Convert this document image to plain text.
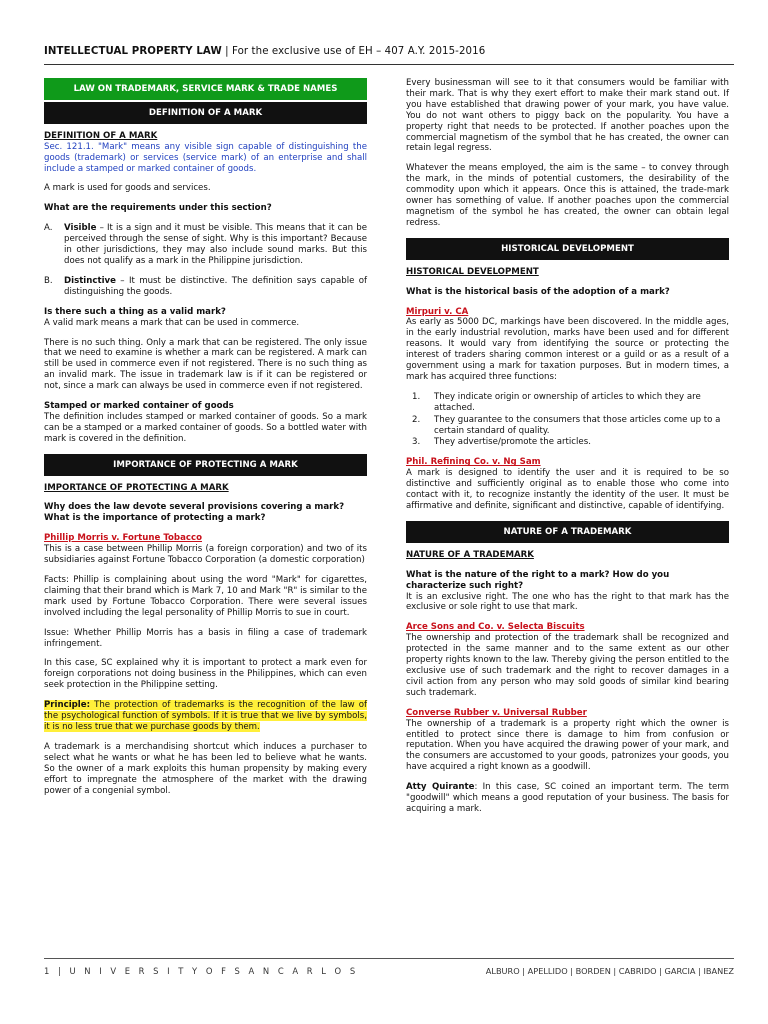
INTELLECTUAL PROPERTY LAW | For the exclusive use of EH – 407 A.Y. 2015-2016
LAW ON TRADEMARK, SERVICE MARK & TRADE NAMES
DEFINITION OF A MARK
DEFINITION OF A MARK

Sec. 121.1. "Mark" means any visible sign capable of distinguishing the goods (trademark) or services (service mark) of an enterprise and shall include a stamped or marked container of goods.

A mark is used for goods and services.

What are the requirements under this section?
A.	Visible – It is a sign and it must be visible. This means that it can be perceived through the sense of sight. Why is this important? Because in other jurisdictions, they may also include sound marks. But this does not qualify as a mark in the Philippine jurisdiction.
B.	Distinctive – It must be distinctive. The definition says capable of distinguishing the goods.
Is there such a thing as a valid mark?

A valid mark means a mark that can be used in commerce.

There is no such thing. Only a mark that can be registered. The only issue that we need to examine is whether a mark can be registered. A mark can still be used in commerce even if not registered. There is no such thing as an invalid mark. The issue in trademark law is if it can be registered or not, since a mark can always be used in commerce even if not registered.

Stamped or marked container of goods

The definition includes stamped or marked container of goods. So a mark can be a stamped or a marked container of goods. So a bottled water with mark is covered in the definition.

IMPORTANCE OF PROTECTING A MARK
IMPORTANCE OF PROTECTING A MARK
Why does the law devote several provisions covering a mark? What is the importance of protecting a mark?
Phillip Morris v. Fortune Tobacco

This is a case between Phillip Morris (a foreign corporation) and two of its subsidiaries against Fortune Tobacco Corporation (a domestic corporation)

Facts: Phillip is complaining about using the word "Mark" for cigarettes, claiming that their brand which is Mark 7, 10 and Mark "R" is similar to the mark used by Fortune Tobacco Corporation. There were several issues involved including the legal personality of Phillip Morris to sue in court.

Issue: Whether Phillip Morris has a basis in filing a case of trademark infringement.

In this case, SC explained why it is important to protect a mark even for foreign corporations not doing business in the Philippines, which can even seek protection in the Philippine setting.

Principle: The protection of trademarks is the recognition of the law of the psychological function of symbols. If it is true that we live by symbols, it is no less true that we purchase goods by them.

A trademark is a merchandising shortcut which induces a purchaser to select what he wants or what he has been led to believe what he wants. So the owner of a mark exploits this human propensity by making every effort to impregnate the atmosphere of the market with the drawing power of a congenial symbol.

Every businessman will see to it that consumers would be familiar with their mark. That is why they exert effort to make their mark stand out. If you have established that drawing power of your mark, you have value. You do not want others to piggy back on the popularity. You have a property right that needs to be protected. If another poaches upon the commercial magnetism of the symbol that he has created, the owner can retain legal regress.

Whatever the means employed, the aim is the same – to convey through the mark, in the minds of potential customers, the desirability of the commodity upon which it appears. Once this is attained, the trade-mark owner has something of value. If another poaches upon the commercial magnetism of the symbol he has created, the owner can obtain legal redress.

HISTORICAL DEVELOPMENT
HISTORICAL DEVELOPMENT
What is the historical basis of the adoption of a mark?
Mirpuri v. CA

As early as 5000 DC, markings have been discovered. In the middle ages, in the early industrial revolution, marks have been used and for different reasons. It would vary from identifying the source or protecting the interest of traders sharing common interest or a guild or as a result of a government using a mark for taxation purposes. But in modern times, a mark has acquired three functions:

1.	They indicate origin or ownership of articles to which they are attached.
2.	They guarantee to the consumers that those articles come up to a certain standard of quality.
3.	They advertise/promote the articles.
Phil. Refining Co. v. Ng Sam

A mark is designed to identify the user and it is required to be so distinctive and sufficiently original as to enable those who come into contact with it, to recognize instantly the identity of the user. It must be affirmative and definite, significant and distinctive, capable of identifying.

NATURE OF A TRADEMARK
NATURE OF A TRADEMARK
What is the nature of the right to a mark? How do you characterize such right?

It is an exclusive right. The one who has the right to that mark has the exclusive or sole right to use that mark.

Arce Sons and Co. v. Selecta Biscuits

The ownership and protection of the trademark shall be recognized and protected in the same manner and to the same extent as our other property rights known to the law. Thereby giving the person entitled to the exclusive use of such trademark and the right to recover damages in a civil action from any person who may sold goods of similar kind bearing such trademark.

Converse Rubber v. Universal Rubber

The ownership of a trademark is a property right which the owner is entitled to protect since there is damage to him from confusion or reputation. When you have acquired the drawing power of your mark, and the consumers are accustomed to your goods, patronizes your goods, you have acquired a right known as a goodwill.

Atty Quirante: In this case, SC coined an important term. The term "goodwill" which means a good reputation of your business. The basis for acquiring a mark.

1 | U N I V E R S I T Y O F S A N C A R L O S	ALBURO | APELLIDO | BORDEN | CABRIDO | GARCIA | IBANEZ
